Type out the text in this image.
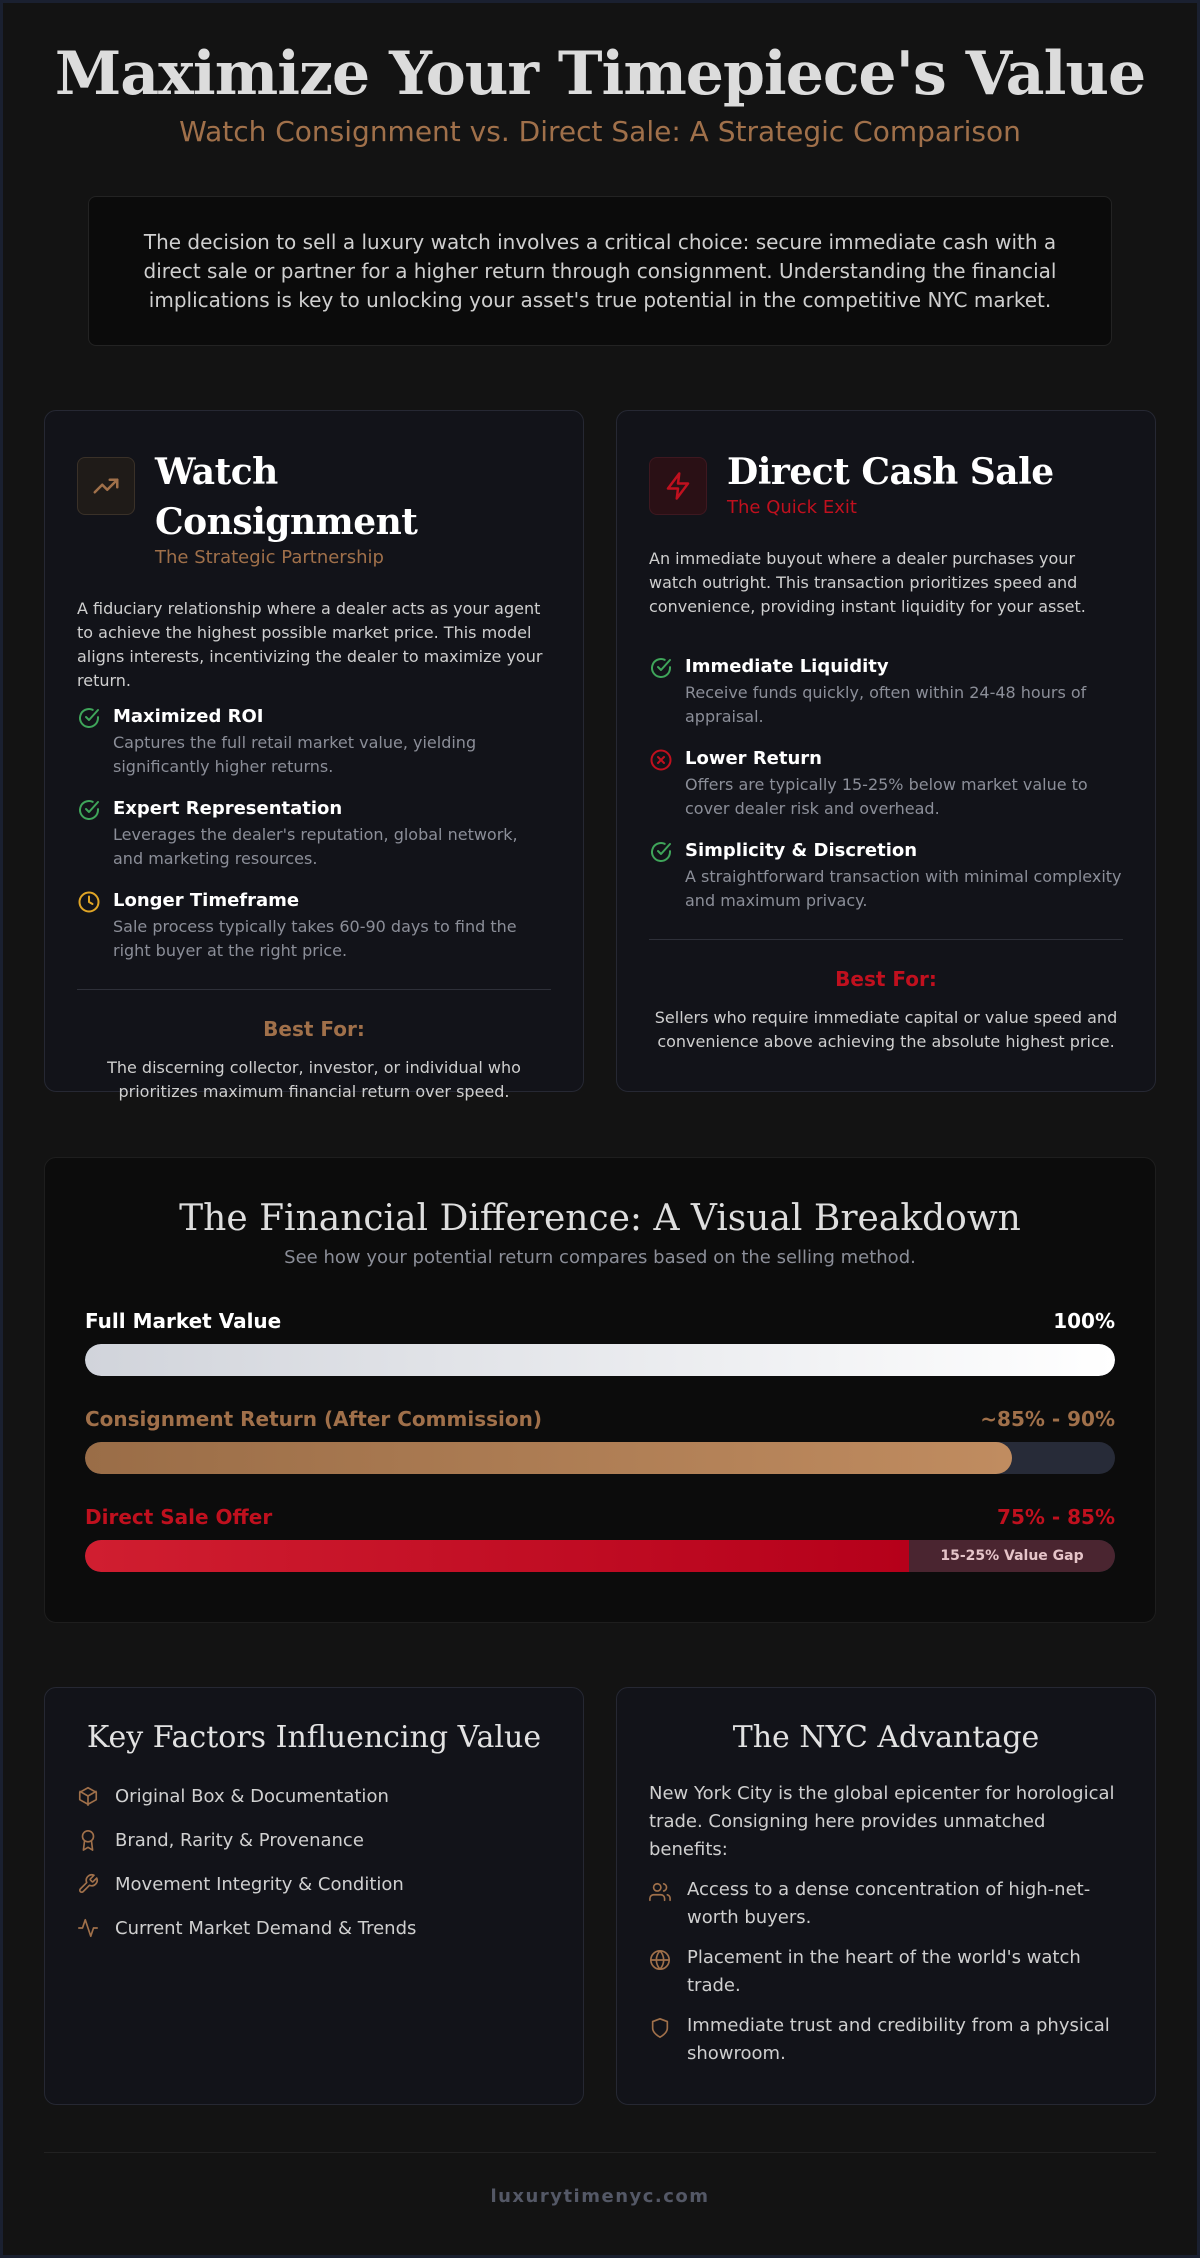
Maximize Your Timepiece's Value
Watch Consignment vs. Direct Sale: A Strategic Comparison

The decision to sell a luxury watch involves a critical choice: secure immediate cash with a direct sale or partner for a higher return through consignment. Understanding the financial implications is key to unlocking your asset's true potential in the competitive NYC market.

Watch Consignment
The Strategic Partnership
A fiduciary relationship where a dealer acts as your agent to achieve the highest possible market price. This model aligns interests, incentivizing the dealer to maximize your return.
Maximized ROI
Captures the full retail market value, yielding significantly higher returns.
Expert Representation
Leverages the dealer's reputation, global network, and marketing resources.
Longer Timeframe
Sale process typically takes 60-90 days to find the right buyer at the right price.
Best For:
The discerning collector, investor, or individual who prioritizes maximum financial return over speed.
Direct Cash Sale
The Quick Exit
An immediate buyout where a dealer purchases your watch outright. This transaction prioritizes speed and convenience, providing instant liquidity for your asset.
Immediate Liquidity
Receive funds quickly, often within 24-48 hours of appraisal.
Lower Return
Offers are typically 15-25% below market value to cover dealer risk and overhead.
Simplicity & Discretion
A straightforward transaction with minimal complexity and maximum privacy.
Best For:
Sellers who require immediate capital or value speed and convenience above achieving the absolute highest price.
The Financial Difference: A Visual Breakdown
See how your potential return compares based on the selling method.
Full Market Value	100%
Consignment Return (After Commission)	~85% - 90%
Direct Sale Offer	75% - 85%
15-25% Value Gap
Key Factors Influencing Value
Original Box & Documentation
Brand, Rarity & Provenance
Movement Integrity & Condition
Current Market Demand & Trends
The NYC Advantage
New York City is the global epicenter for horological trade. Consigning here provides unmatched benefits:
Access to a dense concentration of high-net-worth buyers.
Placement in the heart of the world's watch trade.
Immediate trust and credibility from a physical showroom.
luxurytimenyc.com
